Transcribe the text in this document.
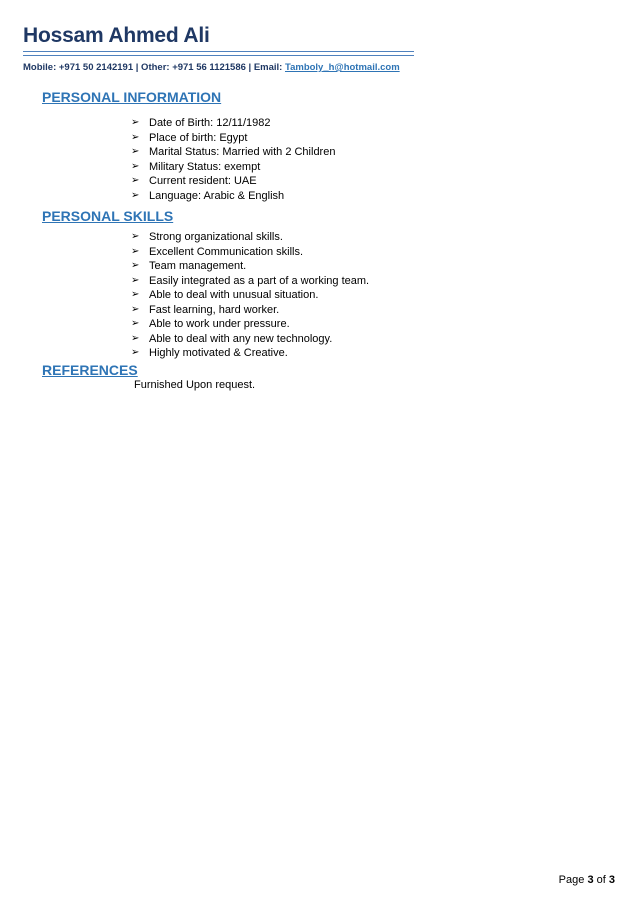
Hossam Ahmed Ali
Mobile: +971 50 2142191 | Other: +971 56 1121586 | Email: Tamboly_h@hotmail.com
PERSONAL INFORMATION
➢ Date of Birth: 12/11/1982
➢ Place of birth: Egypt
➢ Marital Status: Married with 2 Children
➢ Military Status: exempt
➢ Current resident: UAE
➢ Language: Arabic & English
PERSONAL SKILLS
➢ Strong organizational skills.
➢ Excellent Communication skills.
➢ Team management.
➢ Easily integrated as a part of a working team.
➢ Able to deal with unusual situation.
➢ Fast learning, hard worker.
➢ Able to work under pressure.
➢ Able to deal with any new technology.
➢ Highly motivated & Creative.
REFERENCES
Furnished Upon request.
Page 3 of 3
